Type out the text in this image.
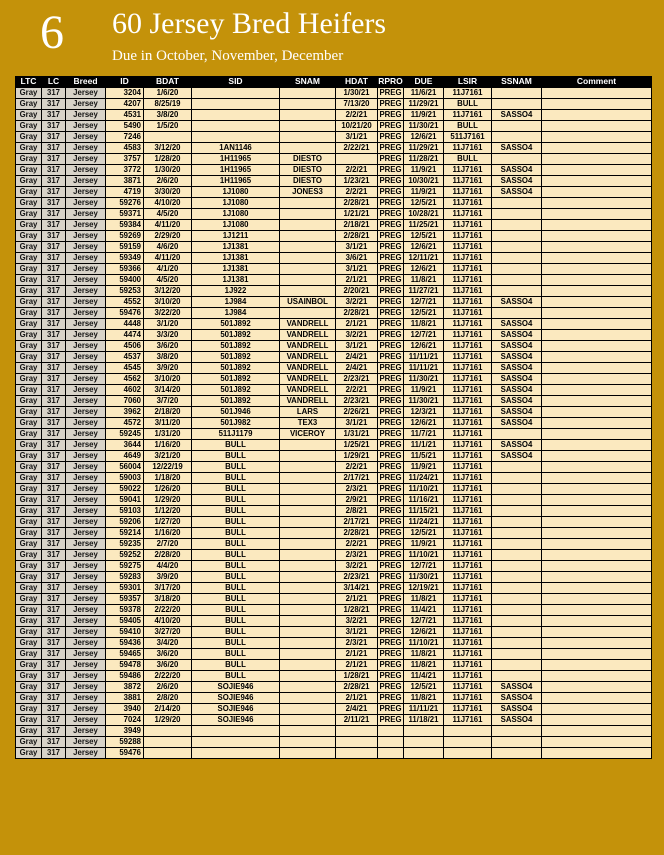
6 60 Jersey Bred Heifers
Due in October, November, December
LTC	LC	Breed	ID	BDAT	SID	SNAM	HDAT	RPRO	DUE	LSIR	SSNAM	Comment
Gray	317	Jersey	3204	1/6/20			1/30/21	PREG	11/6/21	11J7161		
Gray	317	Jersey	4207	8/25/19			7/13/20	PREG	11/29/21	BULL		
Gray	317	Jersey	4531	3/8/20			2/2/21	PREG	11/9/21	11J7161	SASSO4	
Gray	317	Jersey	5490	1/5/20			10/21/20	PREG	11/30/21	BULL		
Gray	317	Jersey	7246				3/1/21	PREG	12/6/21	511J7161		
Gray	317	Jersey	4583	3/12/20	1AN1146		2/22/21	PREG	11/29/21	11J7161	SASSO4	
Gray	317	Jersey	3757	1/28/20	1H11965	DIESTO		PREG	11/28/21	BULL		
Gray	317	Jersey	3772	1/30/20	1H11965	DIESTO	2/2/21	PREG	11/9/21	11J7161	SASSO4	
Gray	317	Jersey	3871	2/6/20	1H11965	DIESTO	1/23/21	PREG	10/30/21	11J7161	SASSO4	
Gray	317	Jersey	4719	3/30/20	1J1080	JONES3	2/2/21	PREG	11/9/21	11J7161	SASSO4	
Gray	317	Jersey	59276	4/10/20	1J1080		2/28/21	PREG	12/5/21	11J7161		
Gray	317	Jersey	59371	4/5/20	1J1080		1/21/21	PREG	10/28/21	11J7161		
Gray	317	Jersey	59384	4/11/20	1J1080		2/18/21	PREG	11/25/21	11J7161		
Gray	317	Jersey	59269	2/29/20	1J1211		2/28/21	PREG	12/5/21	11J7161		
Gray	317	Jersey	59159	4/6/20	1J1381		3/1/21	PREG	12/6/21	11J7161		
Gray	317	Jersey	59349	4/11/20	1J1381		3/6/21	PREG	12/11/21	11J7161		
Gray	317	Jersey	59366	4/1/20	1J1381		3/1/21	PREG	12/6/21	11J7161		
Gray	317	Jersey	59400	4/5/20	1J1381		2/1/21	PREG	11/8/21	11J7161		
Gray	317	Jersey	59253	3/12/20	1J922		2/20/21	PREG	11/27/21	11J7161		
Gray	317	Jersey	4552	3/10/20	1J984	USAINBOL	3/2/21	PREG	12/7/21	11J7161	SASSO4	
Gray	317	Jersey	59476	3/22/20	1J984		2/28/21	PREG	12/5/21	11J7161		
Gray	317	Jersey	4448	3/1/20	501J892	VANDRELL	2/1/21	PREG	11/8/21	11J7161	SASSO4	
Gray	317	Jersey	4474	3/3/20	501J892	VANDRELL	3/2/21	PREG	12/7/21	11J7161	SASSO4	
Gray	317	Jersey	4506	3/6/20	501J892	VANDRELL	3/1/21	PREG	12/6/21	11J7161	SASSO4	
Gray	317	Jersey	4537	3/8/20	501J892	VANDRELL	2/4/21	PREG	11/11/21	11J7161	SASSO4	
Gray	317	Jersey	4545	3/9/20	501J892	VANDRELL	2/4/21	PREG	11/11/21	11J7161	SASSO4	
Gray	317	Jersey	4562	3/10/20	501J892	VANDRELL	2/23/21	PREG	11/30/21	11J7161	SASSO4	
Gray	317	Jersey	4602	3/14/20	501J892	VANDRELL	2/2/21	PREG	11/9/21	11J7161	SASSO4	
Gray	317	Jersey	7060	3/7/20	501J892	VANDRELL	2/23/21	PREG	11/30/21	11J7161	SASSO4	
Gray	317	Jersey	3962	2/18/20	501J946	LARS	2/26/21	PREG	12/3/21	11J7161	SASSO4	
Gray	317	Jersey	4572	3/11/20	501J982	TEX3	3/1/21	PREG	12/6/21	11J7161	SASSO4	
Gray	317	Jersey	59245	1/31/20	511J1179	VICEROY	1/31/21	PREG	11/7/21	11J7161		
Gray	317	Jersey	3644	1/16/20	BULL		1/25/21	PREG	11/1/21	11J7161	SASSO4	
Gray	317	Jersey	4649	3/21/20	BULL		1/29/21	PREG	11/5/21	11J7161	SASSO4	
Gray	317	Jersey	56004	12/22/19	BULL		2/2/21	PREG	11/9/21	11J7161		
Gray	317	Jersey	59003	1/18/20	BULL		2/17/21	PREG	11/24/21	11J7161		
Gray	317	Jersey	59022	1/26/20	BULL		2/3/21	PREG	11/10/21	11J7161		
Gray	317	Jersey	59041	1/29/20	BULL		2/9/21	PREG	11/16/21	11J7161		
Gray	317	Jersey	59103	1/12/20	BULL		2/8/21	PREG	11/15/21	11J7161		
Gray	317	Jersey	59206	1/27/20	BULL		2/17/21	PREG	11/24/21	11J7161		
Gray	317	Jersey	59214	1/16/20	BULL		2/28/21	PREG	12/5/21	11J7161		
Gray	317	Jersey	59235	2/7/20	BULL		2/2/21	PREG	11/9/21	11J7161		
Gray	317	Jersey	59252	2/28/20	BULL		2/3/21	PREG	11/10/21	11J7161		
Gray	317	Jersey	59275	4/4/20	BULL		3/2/21	PREG	12/7/21	11J7161		
Gray	317	Jersey	59283	3/9/20	BULL		2/23/21	PREG	11/30/21	11J7161		
Gray	317	Jersey	59301	3/17/20	BULL		3/14/21	PREG	12/19/21	11J7161		
Gray	317	Jersey	59357	3/18/20	BULL		2/1/21	PREG	11/8/21	11J7161		
Gray	317	Jersey	59378	2/22/20	BULL		1/28/21	PREG	11/4/21	11J7161		
Gray	317	Jersey	59405	4/10/20	BULL		3/2/21	PREG	12/7/21	11J7161		
Gray	317	Jersey	59410	3/27/20	BULL		3/1/21	PREG	12/6/21	11J7161		
Gray	317	Jersey	59436	3/4/20	BULL		2/3/21	PREG	11/10/21	11J7161		
Gray	317	Jersey	59465	3/6/20	BULL		2/1/21	PREG	11/8/21	11J7161		
Gray	317	Jersey	59478	3/6/20	BULL		2/1/21	PREG	11/8/21	11J7161		
Gray	317	Jersey	59486	2/22/20	BULL		1/28/21	PREG	11/4/21	11J7161		
Gray	317	Jersey	3872	2/6/20	SOJIE946		2/28/21	PREG	12/5/21	11J7161	SASSO4	
Gray	317	Jersey	3881	2/8/20	SOJIE946		2/1/21	PREG	11/8/21	11J7161	SASSO4	
Gray	317	Jersey	3940	2/14/20	SOJIE946		2/4/21	PREG	11/11/21	11J7161	SASSO4	
Gray	317	Jersey	7024	1/29/20	SOJIE946		2/11/21	PREG	11/18/21	11J7161	SASSO4	
Gray	317	Jersey	3949									
Gray	317	Jersey	59288									
Gray	317	Jersey	59476									
